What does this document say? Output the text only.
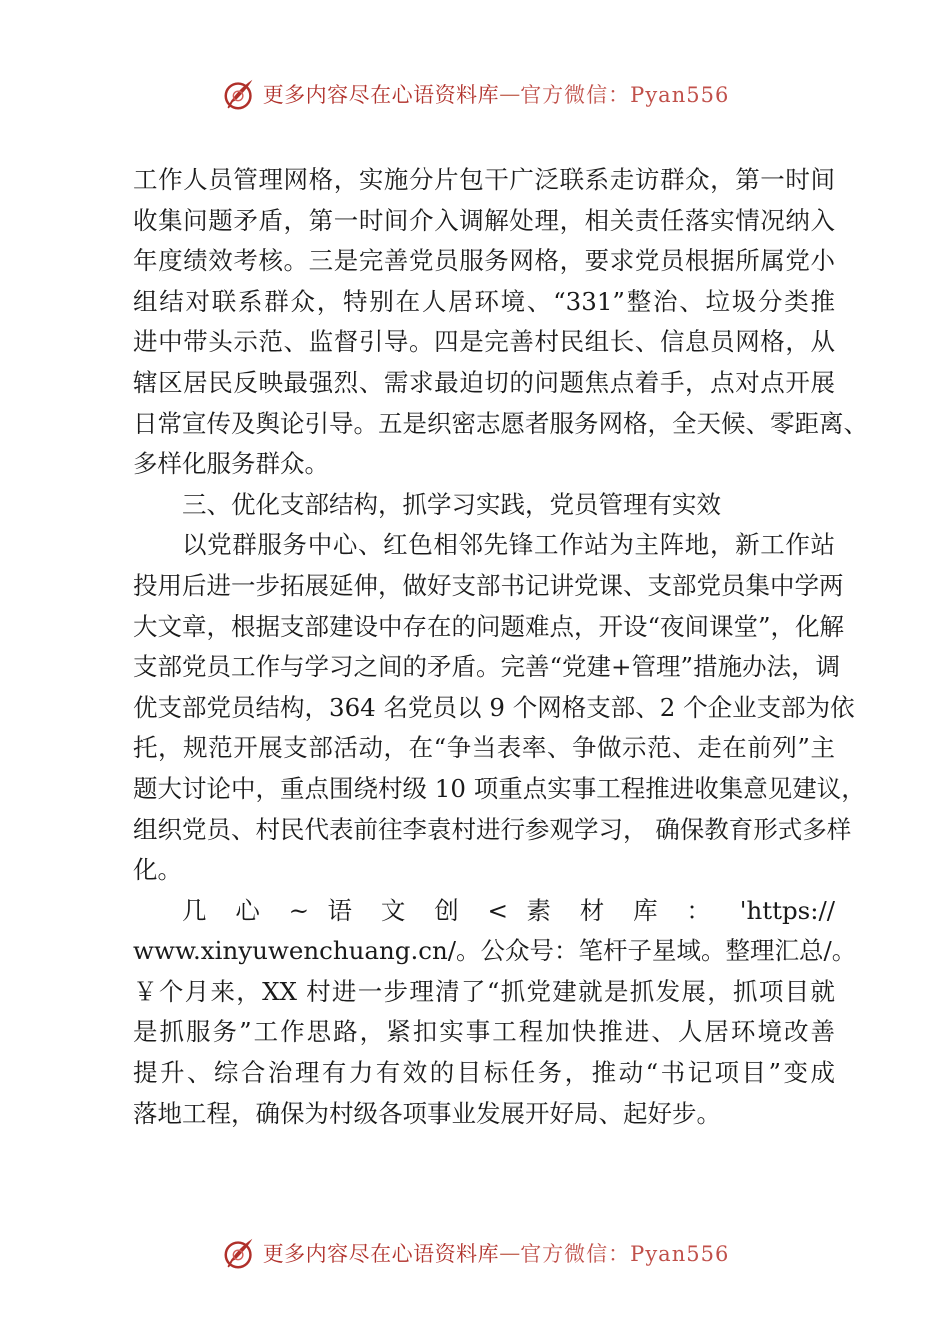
更多内容尽在心语资料库 — 官方微信：Pyan556
工作人员管理网格，实施分片包干广泛联系走访群众，第一时间
收集问题矛盾，第一时间介入调解处理，相关责任落实情况纳入
年度绩效考核。三是完善党员服务网格，要求党员根据所属党小
组结对联系群众，特别在人居环境、“331”整治、垃圾分类推
进中带头示范、监督引导。四是完善村民组长、信息员网格，从
辖区居民反映最强烈、需求最迫切的问题焦点着手，点对点开展
日常宣传及舆论引导。五是织密志愿者服务网格，全天候、零距离、
多样化服务群众。
三、优化支部结构，抓学习实践，党员管理有实效
以党群服务中心、红色相邻先锋工作站为主阵地，新工作站
投用后进一步拓展延伸，做好支部书记讲党课、支部党员集中学两
大文章，根据支部建设中存在的问题难点，开设“夜间课堂”，化解
支部党员工作与学习之间的矛盾。完善“党建+管理”措施办法，调
优支部党员结构，364 名党员以 9 个网格支部、2 个企业支部为依
托，规范开展支部活动，在“争当表率、争做示范、走在前列”主
题大讨论中，重点围绕村级 10 项重点实事工程推进收集意见建议，
组织党员、村民代表前往李袁村进行参观学习， 确保教育形式多样
化。
几 心 ~ 语 文 创 < 素 材 库 ： 'https://
www.xinyuwenchuang.cn/。公众号：笔杆子星域。整理汇总/。
￥个月来，XX 村进一步理清了“抓党建就是抓发展，抓项目就
是抓服务”工作思路，紧扣实事工程加快推进、人居环境改善
提升、综合治理有力有效的目标任务，推动“书记项目”变成
落地工程，确保为村级各项事业发展开好局、起好步。
更多内容尽在心语资料库 — 官方微信：Pyan556
